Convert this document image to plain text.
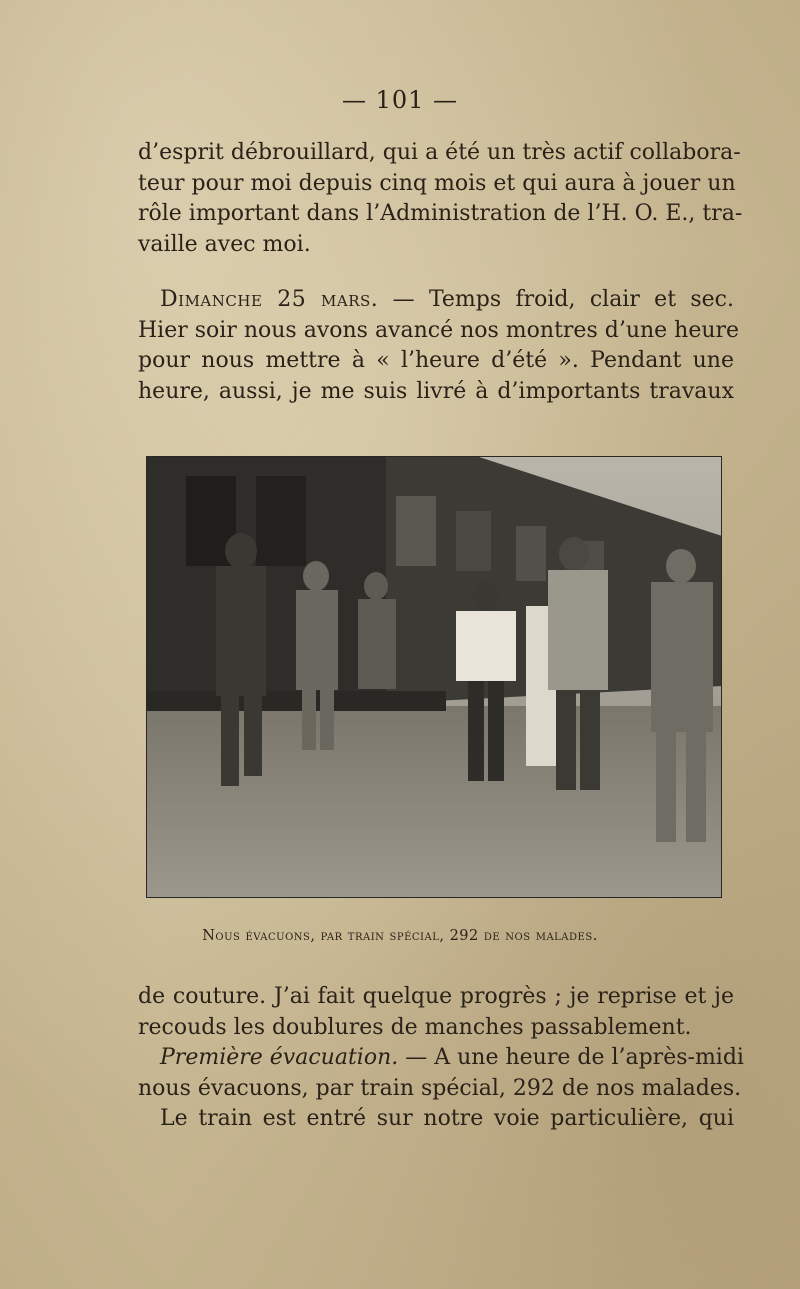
— 101 —

d’esprit débrouillard, qui a été un très actif collabora-
teur pour moi depuis cinq mois et qui aura à jouer un
rôle important dans l’Administration de l’H. O. E., tra-
vaille avec moi.

Dimanche 25 mars. — Temps froid, clair et sec.
Hier soir nous avons avancé nos montres d’une heure
pour nous mettre à « l’heure d’été ». Pendant une
heure, aussi, je me suis livré à d’importants travaux

Nous évacuons, par train spécial, 292 de nos malades.

de couture. J’ai fait quelque progrès ; je reprise et je
recouds les doublures de manches passablement.

Première évacuation. — A une heure de l’après-midi
nous évacuons, par train spécial, 292 de nos malades.
Le train est entré sur notre voie particulière, qui
